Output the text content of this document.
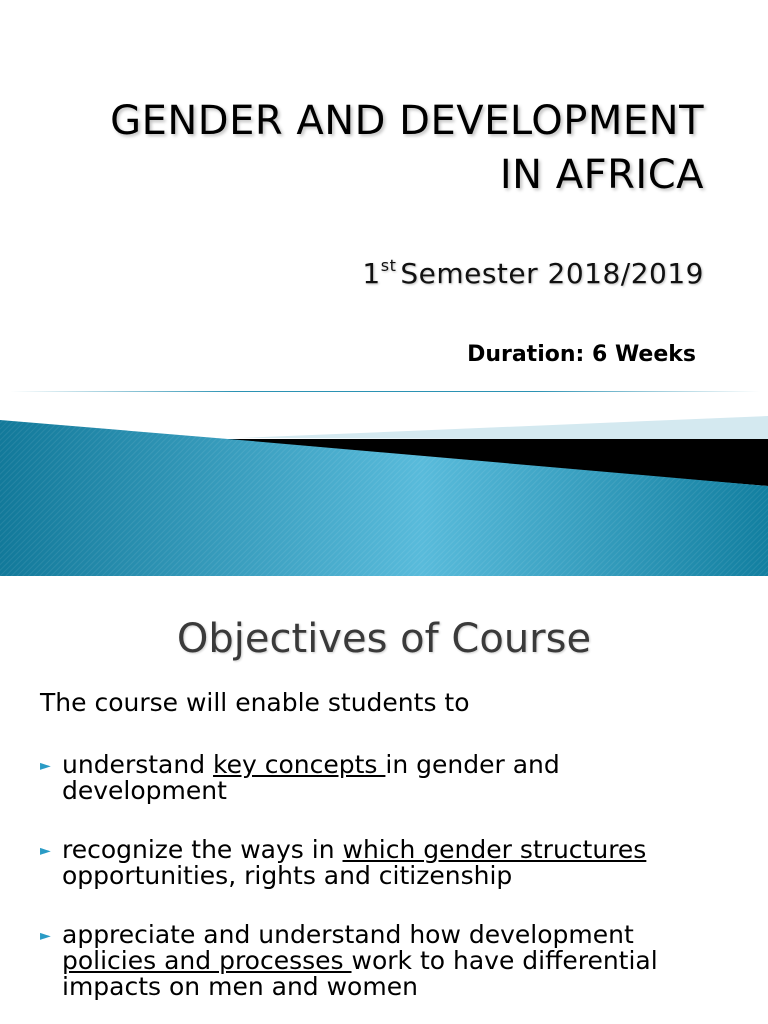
GENDER AND DEVELOPMENT
IN AFRICA
1st Semester 2018/2019
Duration: 6 Weeks
Objectives of Course
The course will enable students to
► understand key concepts in gender and development
► recognize the ways in which gender structures opportunities, rights and citizenship
► appreciate and understand how development policies and processes work to have differential impacts on men and women
